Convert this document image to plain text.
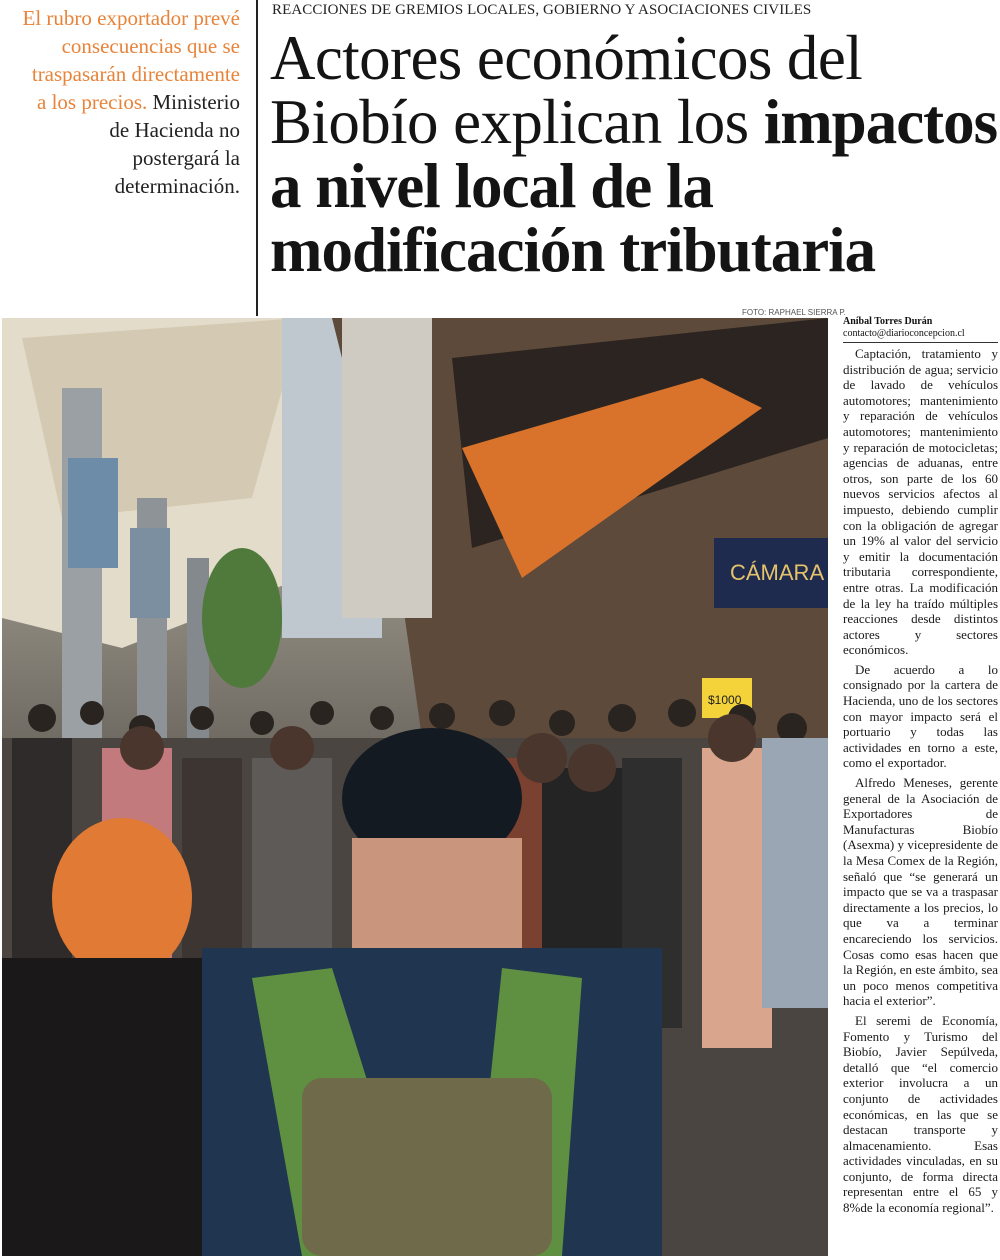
El rubro exportador prevé consecuencias que se traspasarán directamente a los precios. Ministerio de Hacienda no postergará la determinación.
REACCIONES DE GREMIOS LOCALES, GOBIERNO Y ASOCIACIONES CIVILES
Actores económicos del Biobío explican los impactos a nivel local de la modificación tributaria
FOTO: RAPHAEL SIERRA P.
CÁMARA
$1000
Aníbal Torres Durán
contacto@diarioconcepcion.cl

Captación, tratamiento y distribución de agua; servicio de lavado de vehículos automotores; mantenimiento y reparación de vehículos automotores; mantenimiento y reparación de motocicletas; agencias de aduanas, entre otros, son parte de los 60 nuevos servicios afectos al impuesto, debiendo cumplir con la obligación de agregar un 19% al valor del servicio y emitir la documentación tributaria correspondiente, entre otras. La modificación de la ley ha traído múltiples reacciones desde distintos actores y sectores económicos.

De acuerdo a lo consignado por la cartera de Hacienda, uno de los sectores con mayor impacto será el portuario y todas las actividades en torno a este, como el exportador.

Alfredo Meneses, gerente general de la Asociación de Exportadores de Manufacturas Biobío (Asexma) y vicepresidente de la Mesa Comex de la Región, señaló que “se generará un impacto que se va a traspasar directamente a los precios, lo que va a terminar encareciendo los servicios. Cosas como esas hacen que la Región, en este ámbito, sea un poco menos competitiva hacia el exterior”.

El seremi de Economía, Fomento y Turismo del Biobío, Javier Sepúlveda, detalló que “el comercio exterior involucra a un conjunto de actividades económicas, en las que se destacan transporte y almacenamiento. Esas actividades vinculadas, en su conjunto, de forma directa representan entre el 65 y 8%de la economía regional”.
